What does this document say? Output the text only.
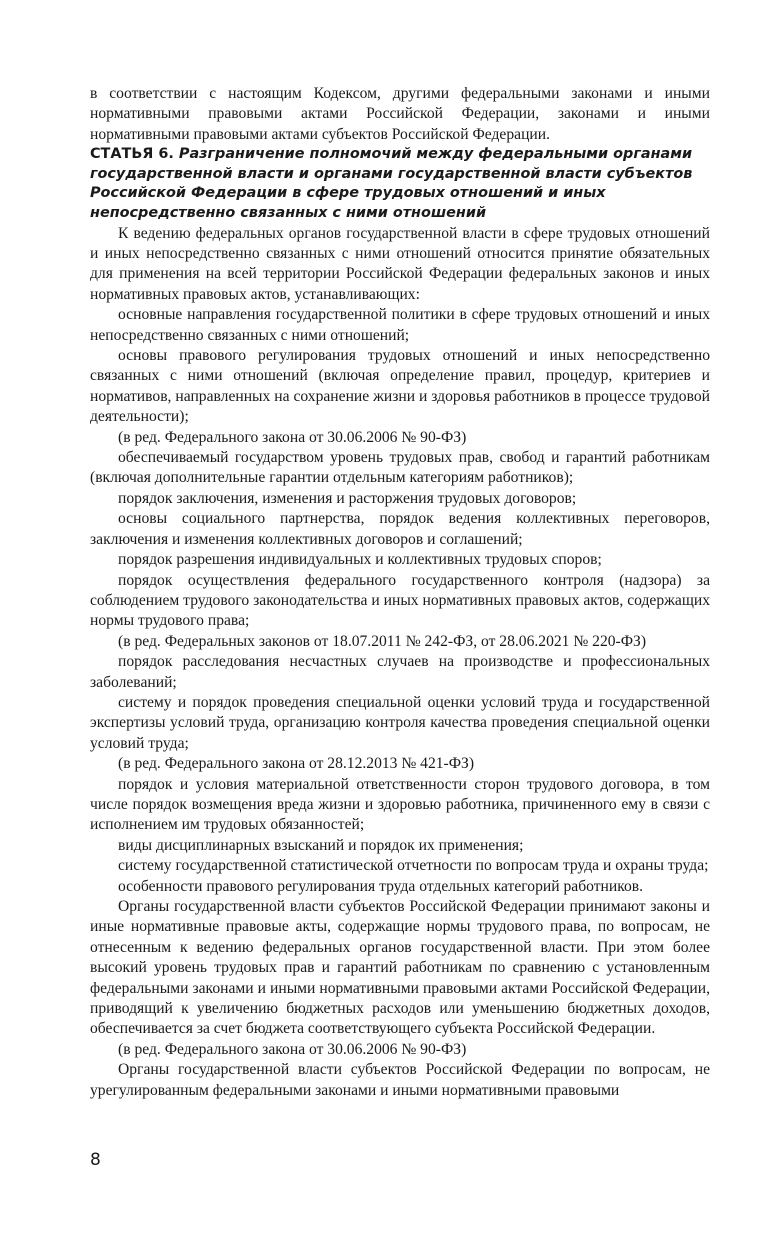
в соответствии с настоящим Кодексом, другими федеральными законами и иными нормативными правовыми актами Российской Федерации, законами и иными нормативными правовыми актами субъектов Российской Федерации.

СТАТЬЯ 6. Разграничение полномочий между федеральными органами государственной власти и органами государственной власти субъектов Российской Федерации в сфере трудовых отношений и иных непосредственно связанных с ними отношений

К ведению федеральных органов государственной власти в сфере трудовых отношений и иных непосредственно связанных с ними отношений относится принятие обязательных для применения на всей территории Российской Федерации федеральных законов и иных нормативных правовых актов, устанавливающих:

основные направления государственной политики в сфере трудовых отношений и иных непосредственно связанных с ними отношений;

основы правового регулирования трудовых отношений и иных непосредственно связанных с ними отношений (включая определение правил, процедур, критериев и нормативов, направленных на сохранение жизни и здоровья работников в процессе трудовой деятельности);

(в ред. Федерального закона от 30.06.2006 № 90-ФЗ)

обеспечиваемый государством уровень трудовых прав, свобод и гарантий работникам (включая дополнительные гарантии отдельным категориям работников);

порядок заключения, изменения и расторжения трудовых договоров;

основы социального партнерства, порядок ведения коллективных переговоров, заключения и изменения коллективных договоров и соглашений;

порядок разрешения индивидуальных и коллективных трудовых споров;

порядок осуществления федерального государственного контроля (надзора) за соблюдением трудового законодательства и иных нормативных правовых актов, содержащих нормы трудового права;

(в ред. Федеральных законов от 18.07.2011 № 242-ФЗ, от 28.06.2021 № 220-ФЗ)

порядок расследования несчастных случаев на производстве и профессиональных заболеваний;

систему и порядок проведения специальной оценки условий труда и государственной экспертизы условий труда, организацию контроля качества проведения специальной оценки условий труда;

(в ред. Федерального закона от 28.12.2013 № 421-ФЗ)

порядок и условия материальной ответственности сторон трудового договора, в том числе порядок возмещения вреда жизни и здоровью работника, причиненного ему в связи с исполнением им трудовых обязанностей;

виды дисциплинарных взысканий и порядок их применения;

систему государственной статистической отчетности по вопросам труда и охраны труда;

особенности правового регулирования труда отдельных категорий работников.

Органы государственной власти субъектов Российской Федерации принимают законы и иные нормативные правовые акты, содержащие нормы трудового права, по вопросам, не отнесенным к ведению федеральных органов государственной власти. При этом более высокий уровень трудовых прав и гарантий работникам по сравнению с установленным федеральными законами и иными нормативными правовыми актами Российской Федерации, приводящий к увеличению бюджетных расходов или уменьшению бюджетных доходов, обеспечивается за счет бюджета соответствующего субъекта Российской Федерации.

(в ред. Федерального закона от 30.06.2006 № 90-ФЗ)

Органы государственной власти субъектов Российской Федерации по вопросам, не урегулированным федеральными законами и иными нормативными правовыми

8
